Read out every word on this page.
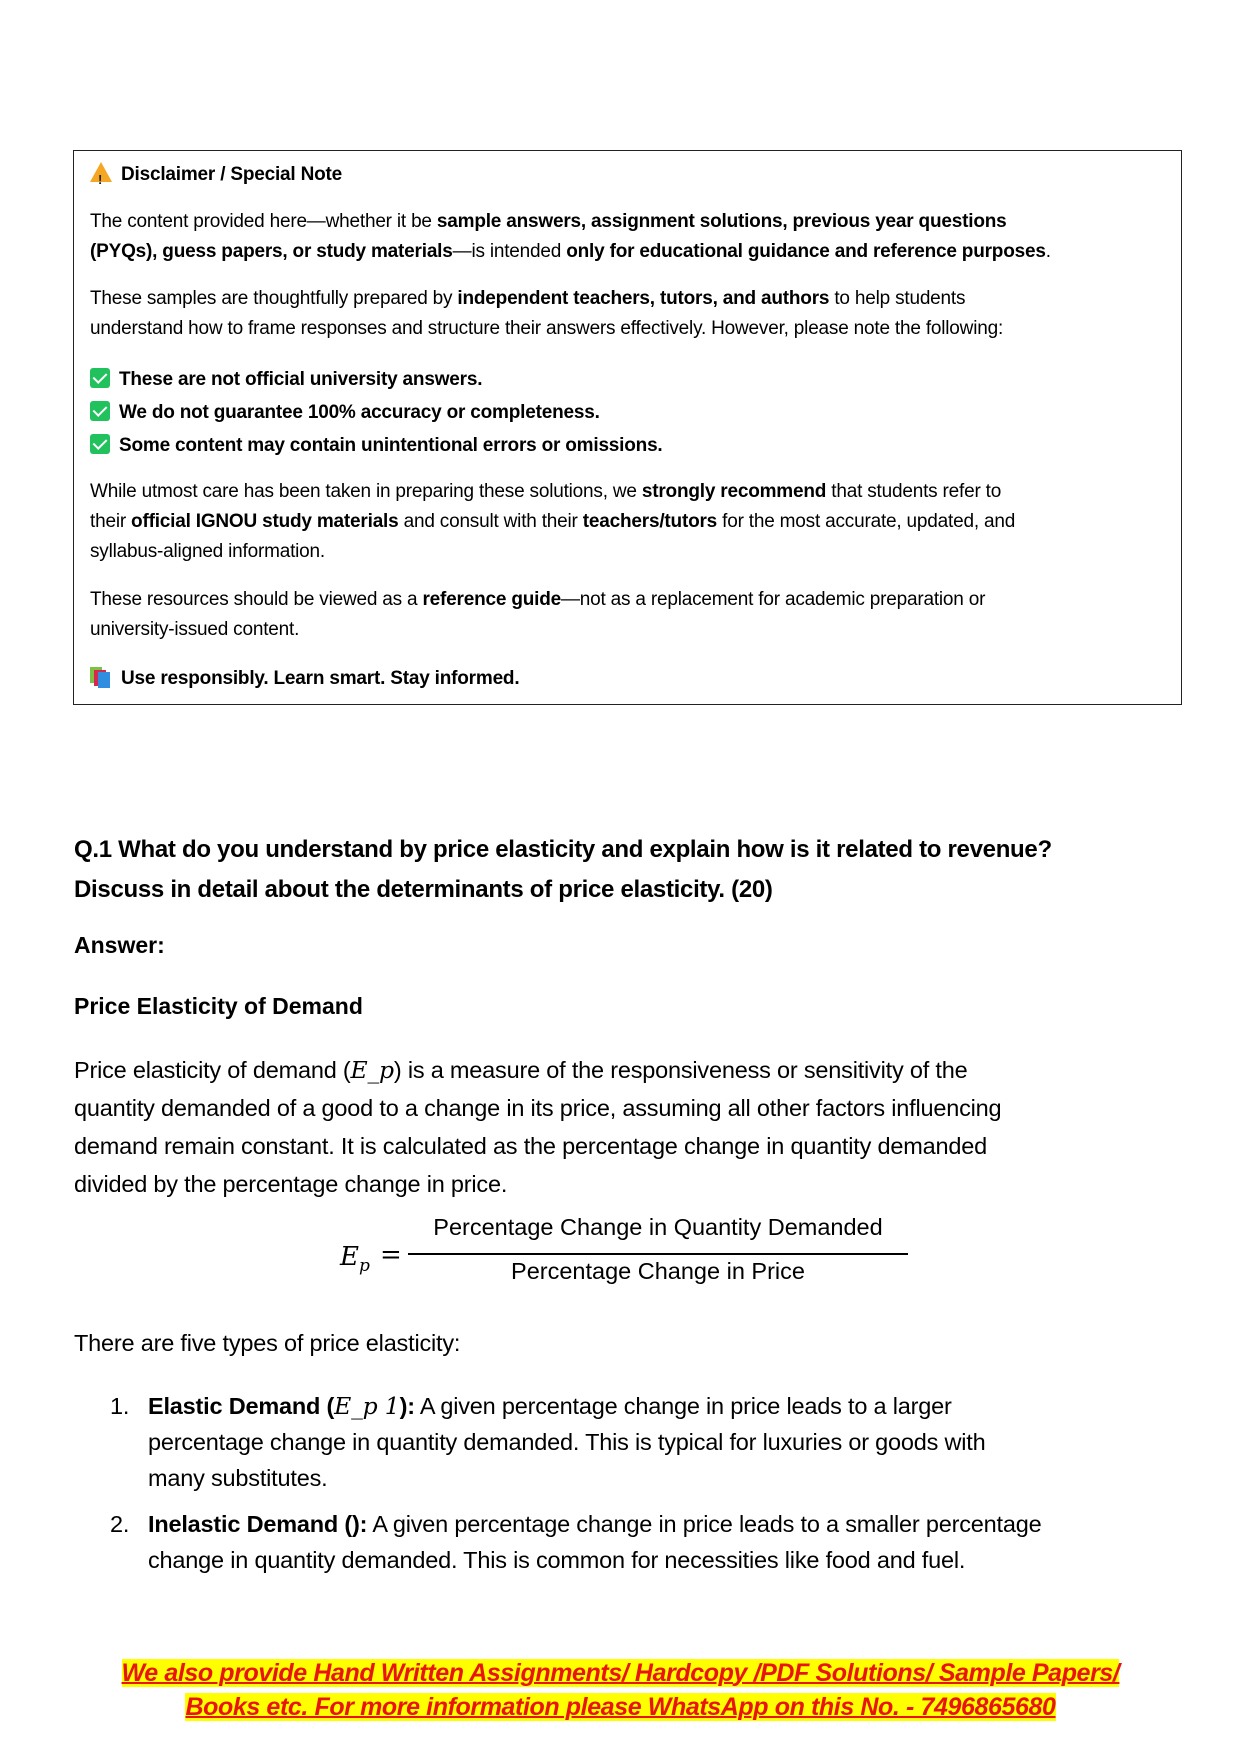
!Disclaimer / Special Note
The content provided here—whether it be sample answers, assignment solutions, previous year questions
(PYQs), guess papers, or study materials—is intended only for educational guidance and reference purposes.
These samples are thoughtfully prepared by independent teachers, tutors, and authors to help students
understand how to frame responses and structure their answers effectively. However, please note the following:
These are not official university answers.
We do not guarantee 100% accuracy or completeness.
Some content may contain unintentional errors or omissions.
While utmost care has been taken in preparing these solutions, we strongly recommend that students refer to
their official IGNOU study materials and consult with their teachers/tutors for the most accurate, updated, and
syllabus-aligned information.
These resources should be viewed as a reference guide—not as a replacement for academic preparation or
university-issued content.
Use responsibly. Learn smart. Stay informed.
Q.1 What do you understand by price elasticity and explain how is it related to revenue?
Discuss in detail about the determinants of price elasticity. (20)
Answer:
Price Elasticity of Demand
Price elasticity of demand (E_p) is a measure of the responsiveness or sensitivity of the
quantity demanded of a good to a change in its price, assuming all other factors influencing
demand remain constant. It is calculated as the percentage change in quantity demanded
divided by the percentage change in price.
$E_p$ =
Percentage Change in Quantity Demanded
Percentage Change in Price
There are five types of price elasticity:
1. Elastic Demand (E_p 1): A given percentage change in price leads to a larger
percentage change in quantity demanded. This is typical for luxuries or goods with
many substitutes.
2. Inelastic Demand (): A given percentage change in price leads to a smaller percentage
change in quantity demanded. This is common for necessities like food and fuel.
We also provide Hand Written Assignments/ Hardcopy /PDF Solutions/ Sample Papers/
Books etc. For more information please WhatsApp on this No. - 7496865680
